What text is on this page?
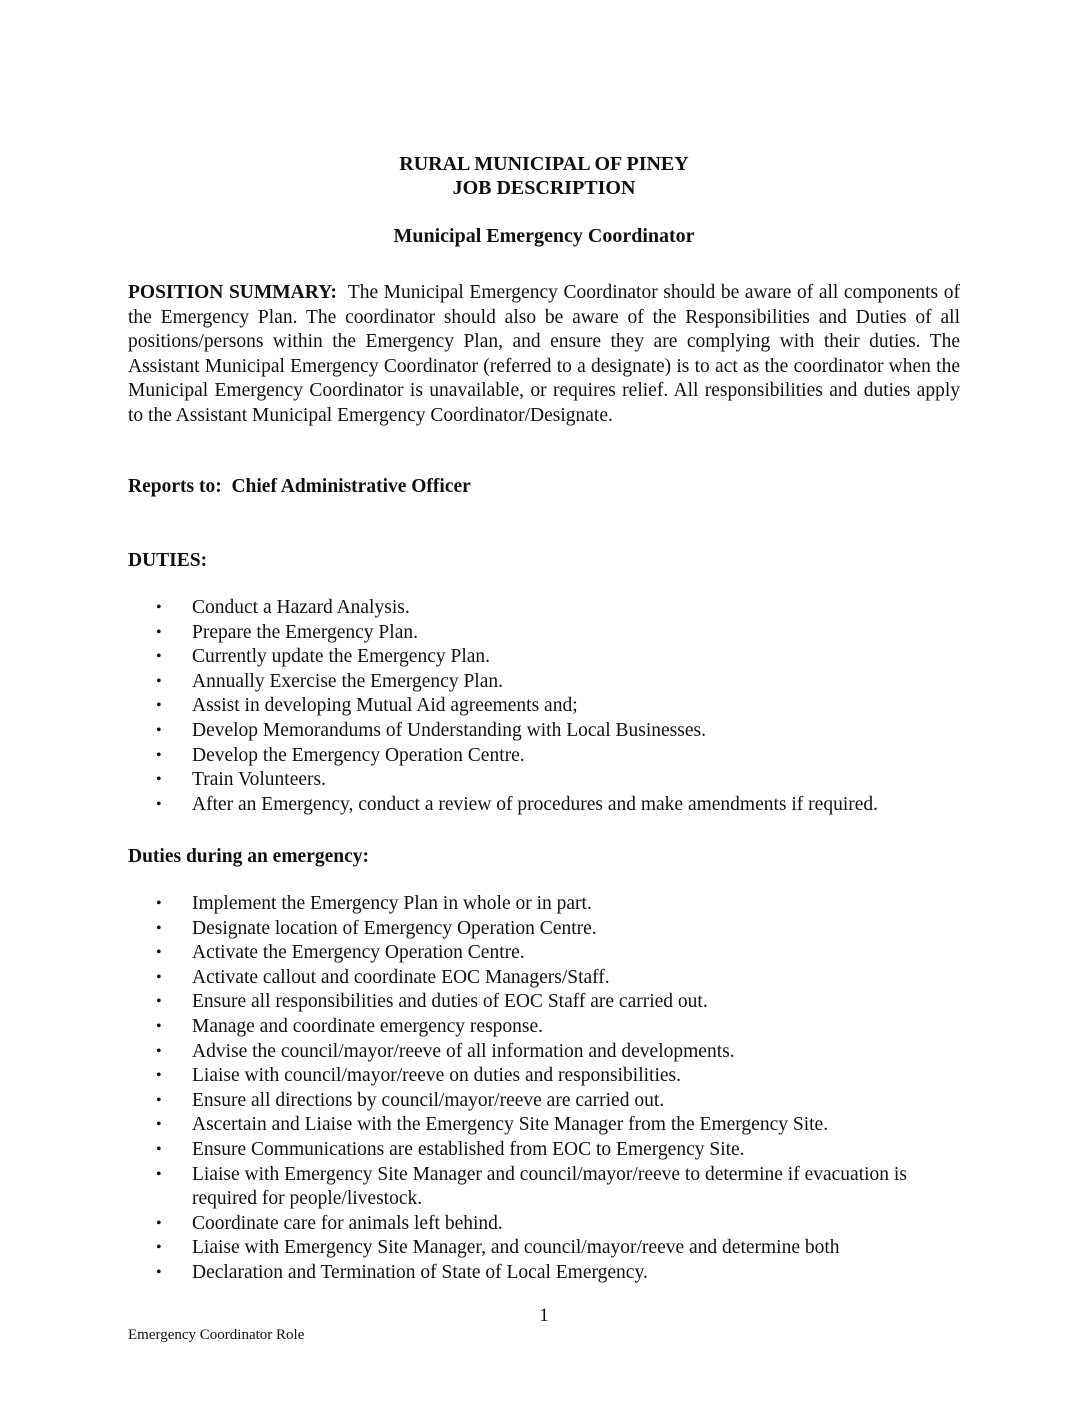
RURAL MUNICIPAL OF PINEY
JOB DESCRIPTION
Municipal Emergency Coordinator

POSITION SUMMARY: The Municipal Emergency Coordinator should be aware of all components of the Emergency Plan. The coordinator should also be aware of the Responsibilities and Duties of all positions/persons within the Emergency Plan, and ensure they are complying with their duties. The Assistant Municipal Emergency Coordinator (referred to a designate) is to act as the coordinator when the Municipal Emergency Coordinator is unavailable, or requires relief. All responsibilities and duties apply to the Assistant Municipal Emergency Coordinator/Designate.

Reports to: Chief Administrative Officer

DUTIES:

• Conduct a Hazard Analysis.
• Prepare the Emergency Plan.
• Currently update the Emergency Plan.
• Annually Exercise the Emergency Plan.
• Assist in developing Mutual Aid agreements and;
• Develop Memorandums of Understanding with Local Businesses.
• Develop the Emergency Operation Centre.
• Train Volunteers.
• After an Emergency, conduct a review of procedures and make amendments if required.

Duties during an emergency:

• Implement the Emergency Plan in whole or in part.
• Designate location of Emergency Operation Centre.
• Activate the Emergency Operation Centre.
• Activate callout and coordinate EOC Managers/Staff.
• Ensure all responsibilities and duties of EOC Staff are carried out.
• Manage and coordinate emergency response.
• Advise the council/mayor/reeve of all information and developments.
• Liaise with council/mayor/reeve on duties and responsibilities.
• Ensure all directions by council/mayor/reeve are carried out.
• Ascertain and Liaise with the Emergency Site Manager from the Emergency Site.
• Ensure Communications are established from EOC to Emergency Site.
• Liaise with Emergency Site Manager and council/mayor/reeve to determine if evacuation is required for people/livestock.
• Coordinate care for animals left behind.
• Liaise with Emergency Site Manager, and council/mayor/reeve and determine both
• Declaration and Termination of State of Local Emergency.
1
Emergency Coordinator Role
